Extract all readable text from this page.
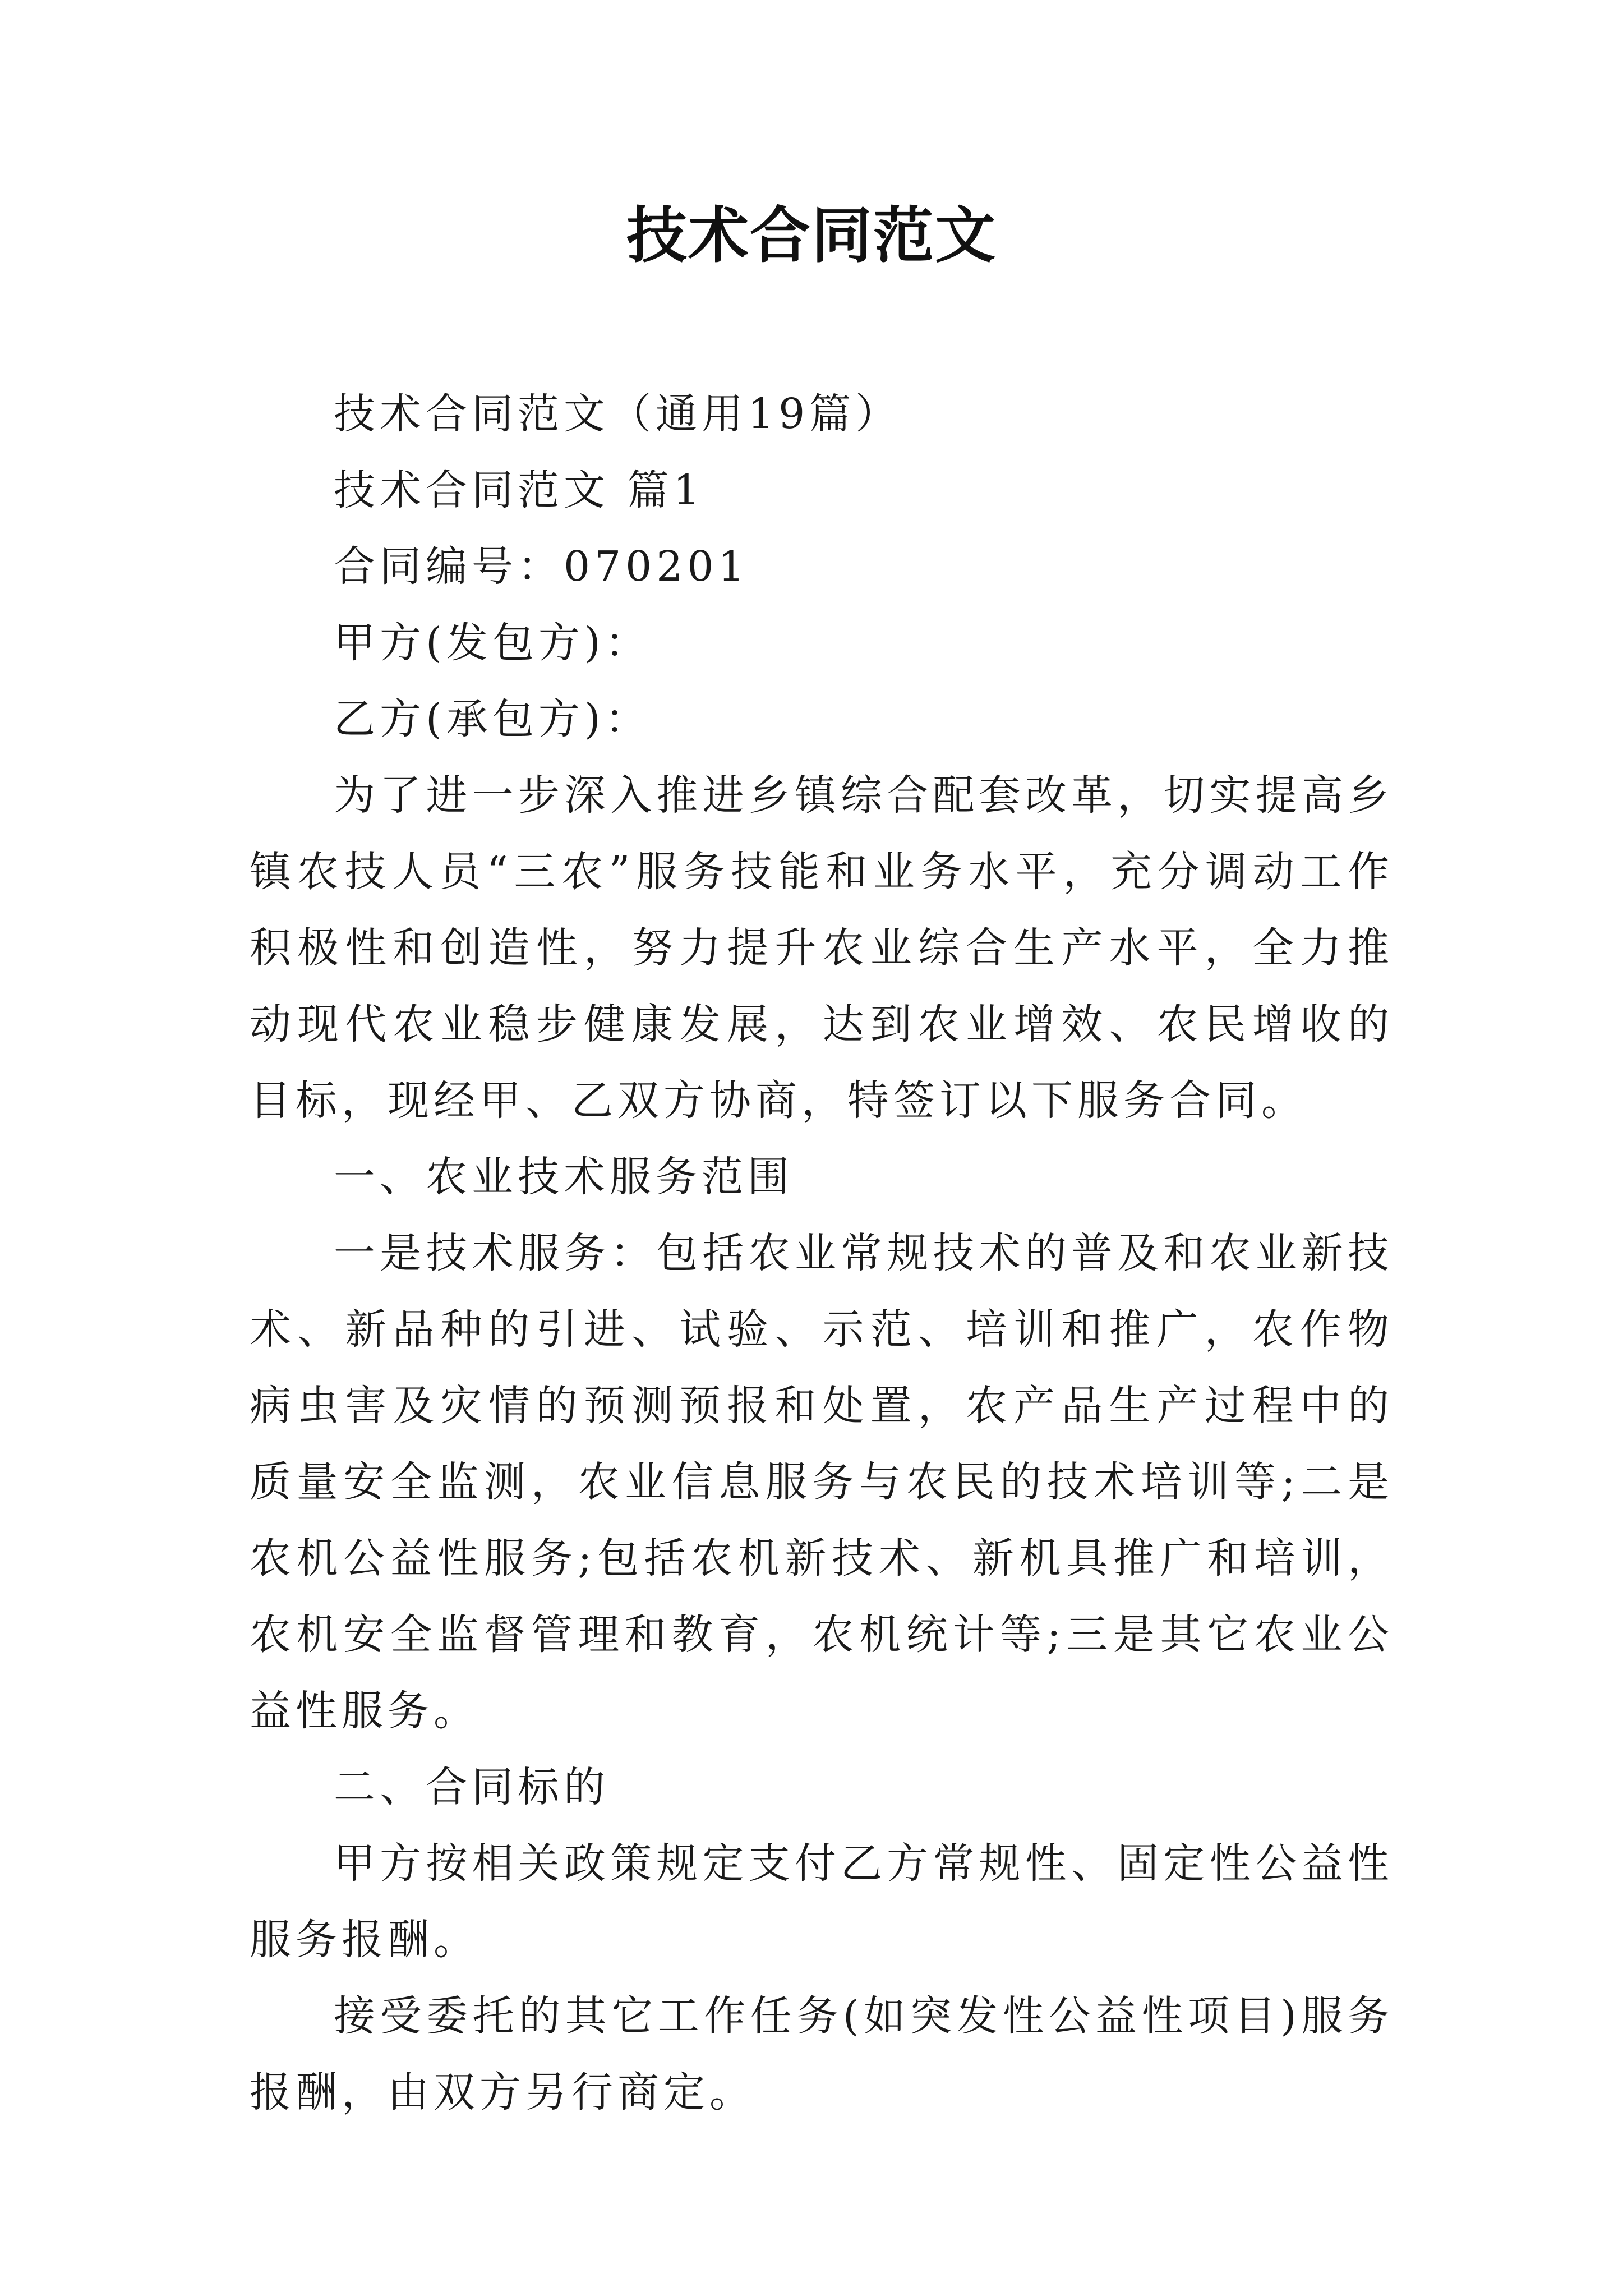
技术合同范文

技术合同范文（通用19篇）

技术合同范文 篇1

合同编号：070201

甲方(发包方)：

乙方(承包方)：

为了进一步深入推进乡镇综合配套改革，切实提高乡镇农技人员“三农”服务技能和业务水平，充分调动工作积极性和创造性，努力提升农业综合生产水平，全力推动现代农业稳步健康发展，达到农业增效、农民增收的目标，现经甲、乙双方协商，特签订以下服务合同。

一、农业技术服务范围

一是技术服务：包括农业常规技术的普及和农业新技术、新品种的引进、试验、示范、培训和推广，农作物病虫害及灾情的预测预报和处置，农产品生产过程中的质量安全监测，农业信息服务与农民的技术培训等;二是农机公益性服务;包括农机新技术、新机具推广和培训，农机安全监督管理和教育，农机统计等;三是其它农业公益性服务。

二、合同标的

甲方按相关政策规定支付乙方常规性、固定性公益性服务报酬。

接受委托的其它工作任务(如突发性公益性项目)服务报酬，由双方另行商定。
